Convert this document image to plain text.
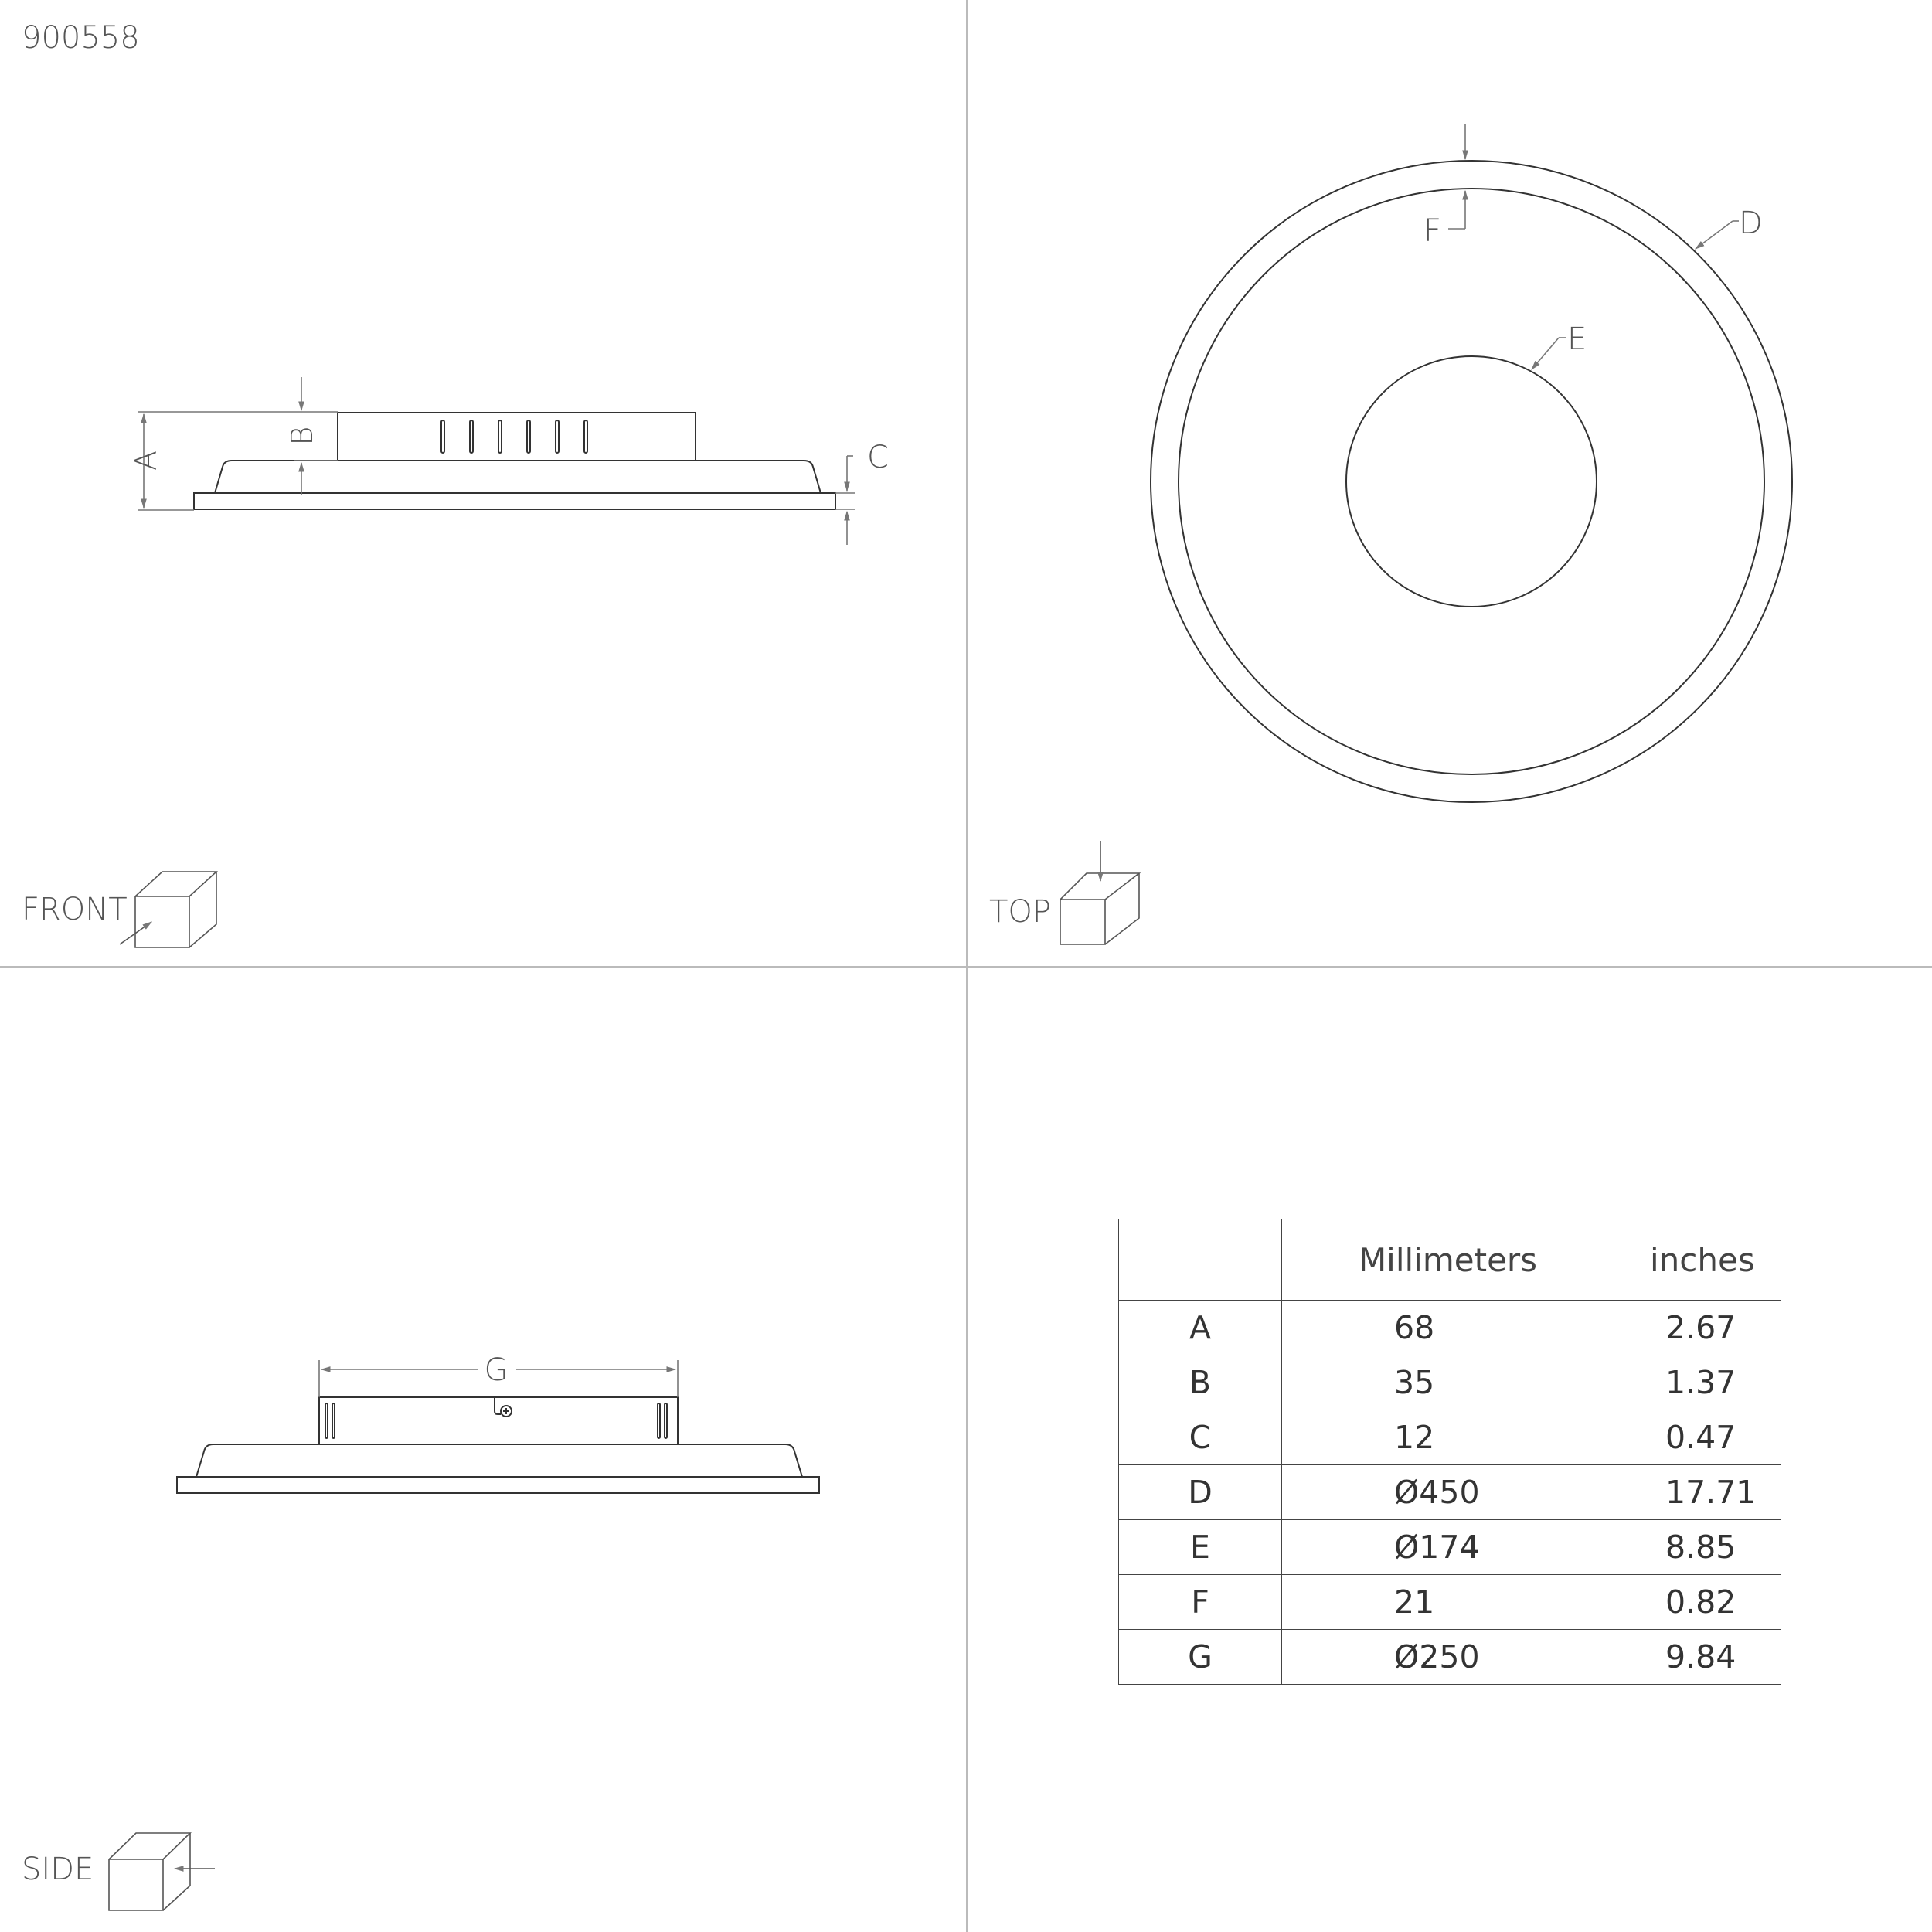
900558
A
B
C
FRONT
F	D
E
TOP
G
SIDE
	Millimeters	inches
A	68	2.67
B	35	1.37
C	12	0.47
D	Ø450	17.71
E	Ø174	8.85
F	21	0.82
G	Ø250	9.84
